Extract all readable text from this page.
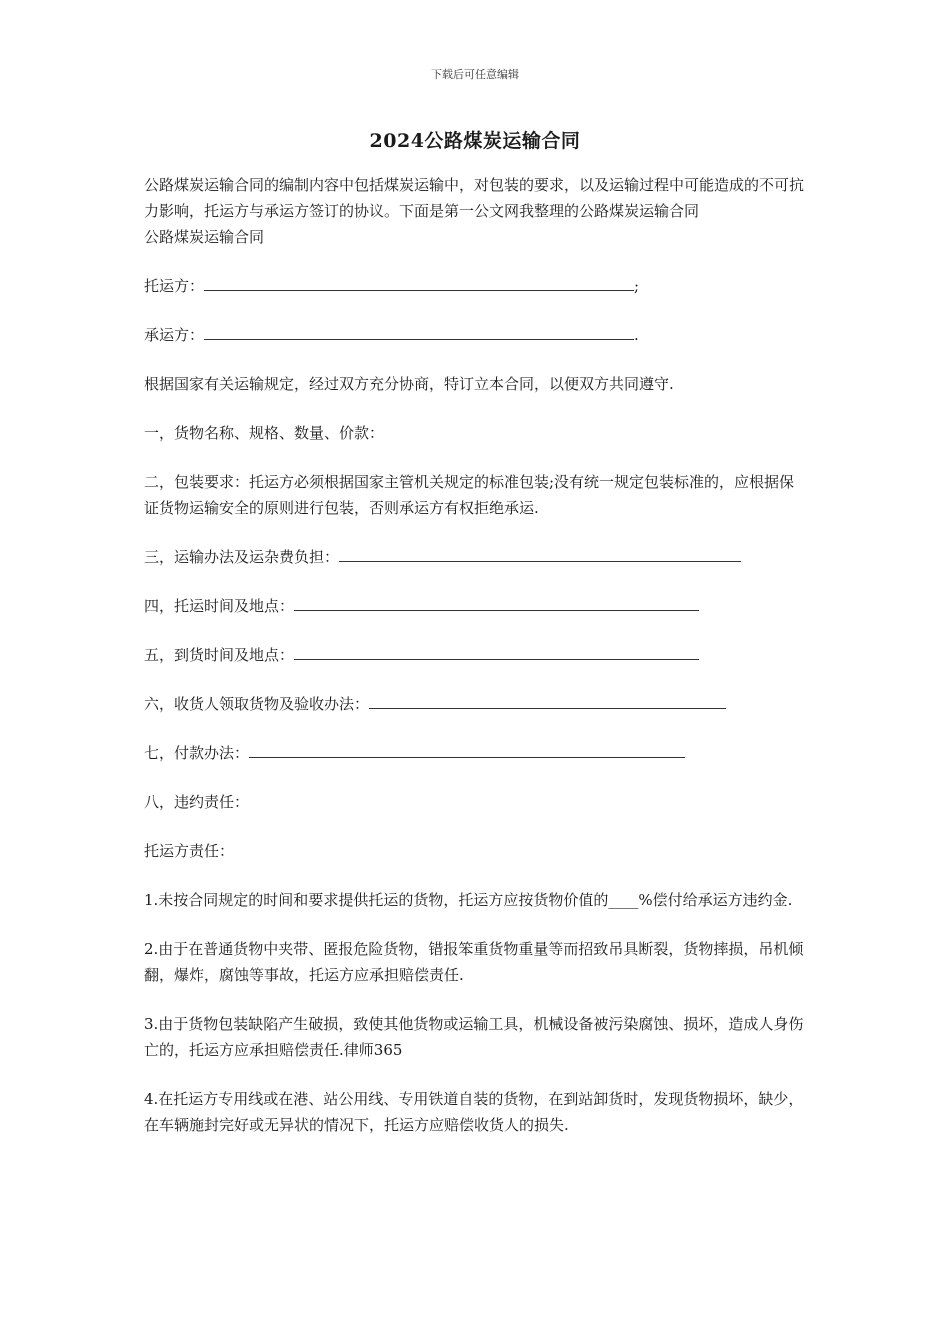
下载后可任意编辑
2024公路煤炭运输合同

公路煤炭运输合同的编制内容中包括煤炭运输中，对包装的要求，以及运输过程中可能造成的不可抗力影响，托运方与承运方签订的协议。下面是第一公文网我整理的公路煤炭运输合同

公路煤炭运输合同

托运方：	;

承运方：	.

根据国家有关运输规定，经过双方充分协商，特订立本合同，以便双方共同遵守.

一，货物名称、规格、数量、价款：

二，包装要求：托运方必须根据国家主管机关规定的标准包装;没有统一规定包装标准的，应根据保证货物运输安全的原则进行包装，否则承运方有权拒绝承运.

三，运输办法及运杂费负担：

四，托运时间及地点：

五，到货时间及地点：

六，收货人领取货物及验收办法：

七，付款办法：

八，违约责任：

托运方责任：

1.未按合同规定的时间和要求提供托运的货物，托运方应按货物价值的____%偿付给承运方违约金.

2.由于在普通货物中夹带、匿报危险货物，错报笨重货物重量等而招致吊具断裂，货物摔损，吊机倾翻，爆炸，腐蚀等事故，托运方应承担赔偿责任.

3.由于货物包装缺陷产生破损，致使其他货物或运输工具，机械设备被污染腐蚀、损坏，造成人身伤亡的，托运方应承担赔偿责任.律师365

4.在托运方专用线或在港、站公用线、专用铁道自装的货物，在到站卸货时，发现货物损坏，缺少，在车辆施封完好或无异状的情况下，托运方应赔偿收货人的损失.
